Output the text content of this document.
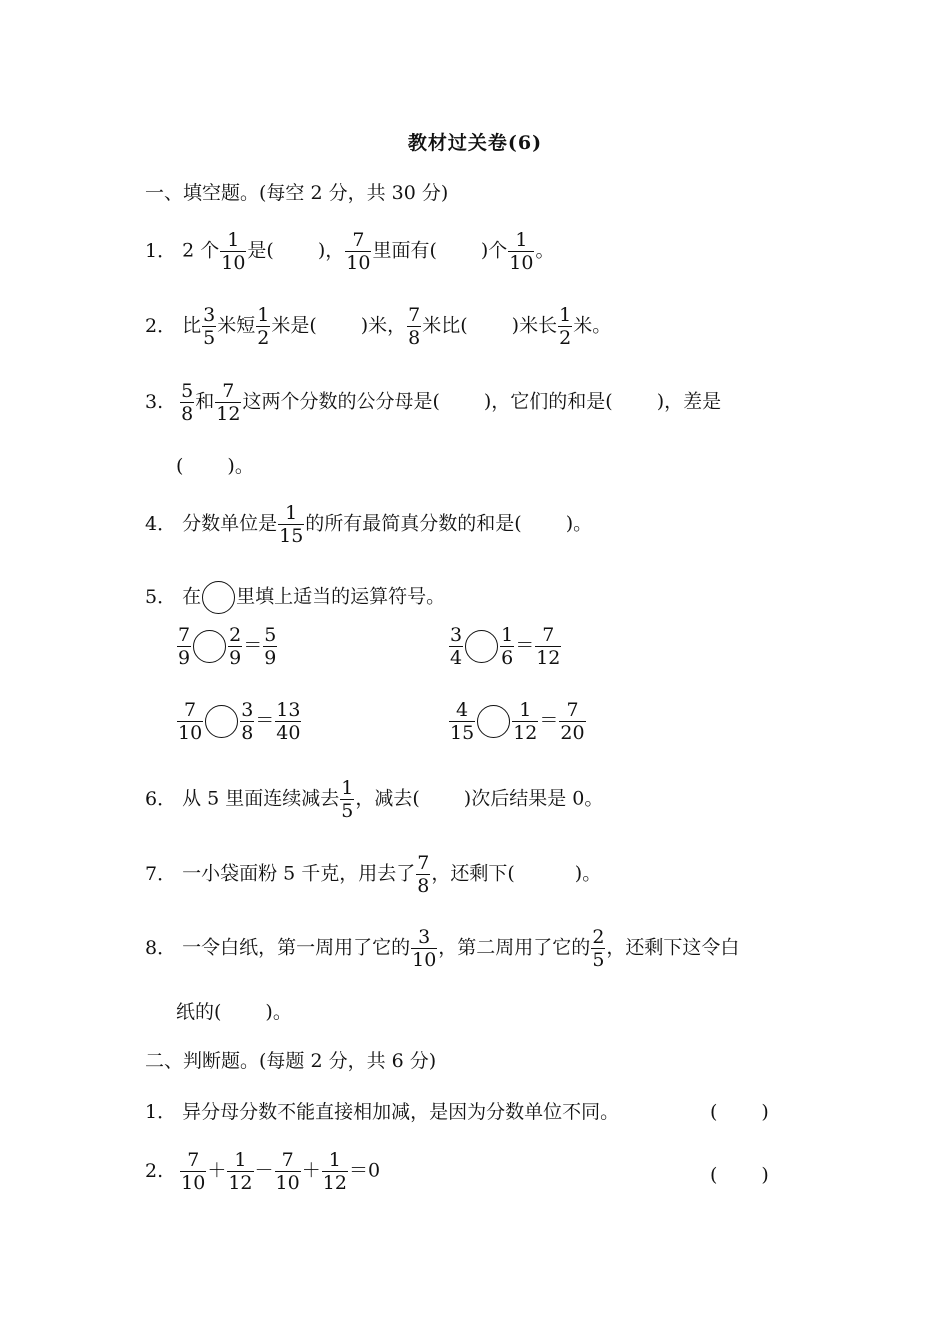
教材过关卷(6)
一、填空题。(每空 2 分，共 30 分)
1． 2 个 $\frac{1}{10}$ 是( )， $\frac{7}{10}$ 里面有( )个 $\frac{1}{10}$ 。
2． 比 $\frac{3}{5}$ 米短 $\frac{1}{2}$ 米是( )米， $\frac{7}{8}$ 米比( )米长 $\frac{1}{2}$ 米。
3. $\frac{5}{8}$ 和 $\frac{7}{12}$ 这两个分数的公分母是( )，它们的和是( )，差是
( )。
4． 分数单位是 $\frac{1}{15}$ 的所有最简真分数的和是( )。
5． 在 里填上适当的运算符号。
$\frac{7}{9} \frac{2}{9} = \frac{5}{9}$	$\frac{3}{4} \frac{1}{6} = \frac{7}{12}$
$\frac{7}{10} \frac{3}{8} = \frac{13}{40}$	$\frac{4}{15} \frac{1}{12} = \frac{7}{20}$
6． 从 5 里面连续减去 $\frac{1}{5}$ ，减去( )次后结果是 0。
7． 一小袋面粉 5 千克，用去了 $\frac{7}{8}$ ，还剩下(	)。
8． 一令白纸，第一周用了它的 $\frac{3}{10}$ ，第二周用了它的 $\frac{2}{5}$ ，还剩下这令白
纸的( )。
二、判断题。(每题 2 分，共 6 分)
1． 异分母分数不能直接相加减，是因为分数单位不同。	( )
2. $\frac{7}{10} + \frac{1}{12} - \frac{7}{10} + \frac{1}{12} =0$	( )
